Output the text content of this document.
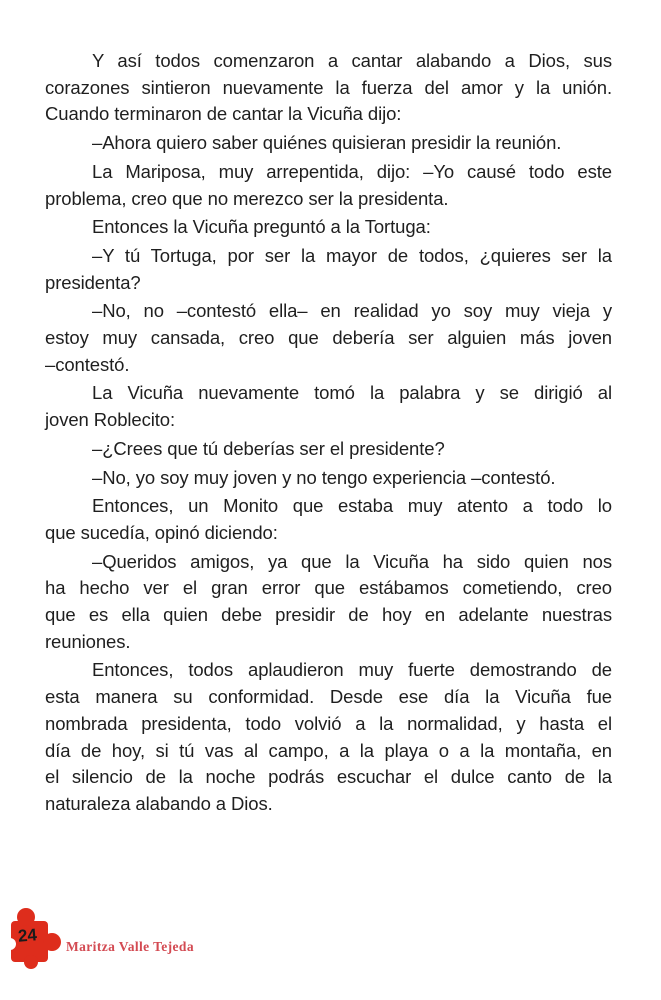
Y así todos comenzaron a cantar alabando a Dios, sus
corazones sintieron nuevamente la fuerza del amor y la unión.
Cuando terminaron de cantar la Vicuña dijo:

–Ahora quiero saber quiénes quisieran presidir la reunión.

La Mariposa, muy arrepentida, dijo: –Yo causé todo este
problema, creo que no merezco ser la presidenta.

Entonces la Vicuña preguntó a la Tortuga:

–Y tú Tortuga, por ser la mayor de todos, ¿quieres ser la
presidenta?

–No, no –contestó ella– en realidad yo soy muy vieja y
estoy muy cansada, creo que debería ser alguien más joven
–contestó.

La Vicuña nuevamente tomó la palabra y se dirigió al
joven Roblecito:

–¿Crees que tú deberías ser el presidente?

–No, yo soy muy joven y no tengo experiencia –contestó.

Entonces, un Monito que estaba muy atento a todo lo
que sucedía, opinó diciendo:

–Queridos amigos, ya que la Vicuña ha sido quien nos
ha hecho ver el gran error que estábamos cometiendo, creo
que es ella quien debe presidir de hoy en adelante nuestras
reuniones.

Entonces, todos aplaudieron muy fuerte demostrando de
esta manera su conformidad. Desde ese día la Vicuña fue
nombrada presidenta, todo volvió a la normalidad, y hasta el
día de hoy, si tú vas al campo, a la playa o a la montaña, en
el silencio de la noche podrás escuchar el dulce canto de la
naturaleza alabando a Dios.

24
Maritza Valle Tejeda
